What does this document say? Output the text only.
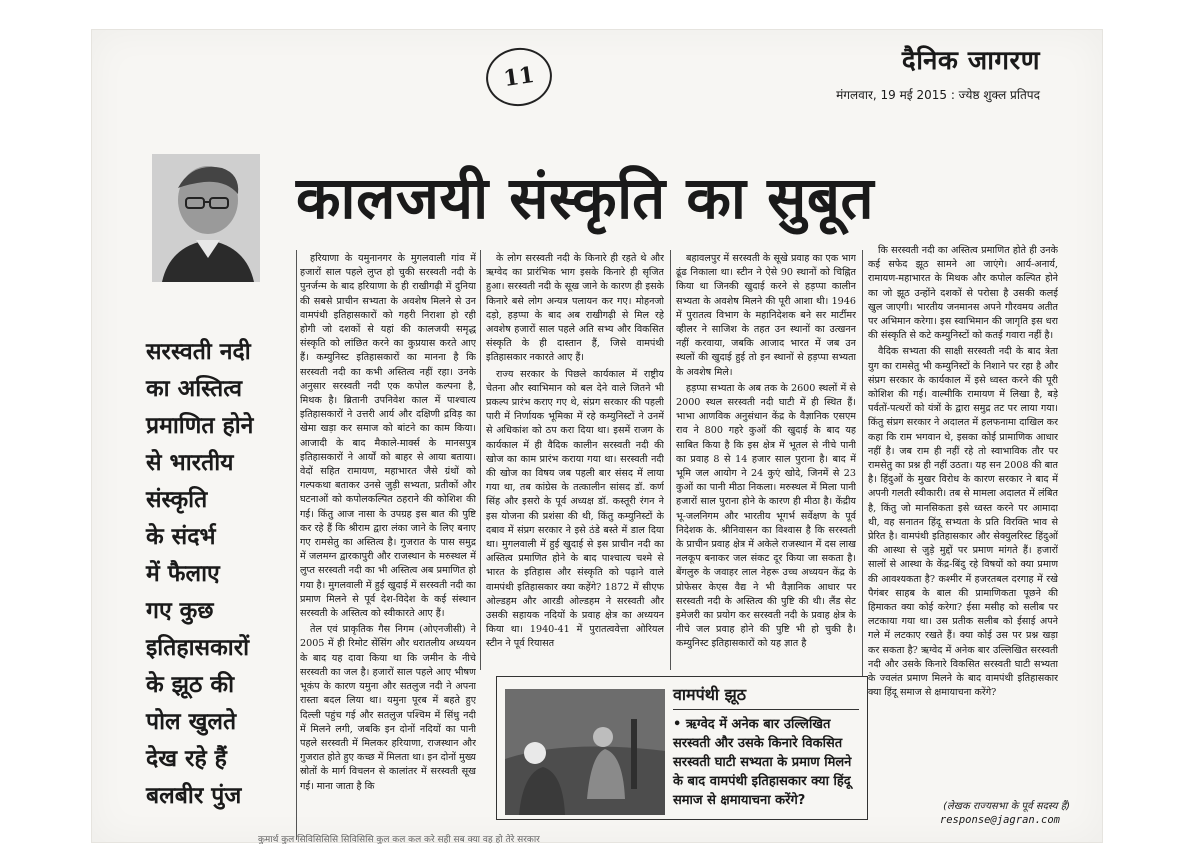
11
दैनिक जागरण
मंगलवार, 19 मई 2015 : ज्येष्ठ शुक्ल प्रतिपद
कालजयी संस्कृति का सुबूत
सरस्वती नदी
का अस्तित्व
प्रमाणित होने
से भारतीय
संस्कृति
के संदर्भ
में फैलाए
गए कुछ
इतिहासकारों
के झूठ की
पोल खुलते
देख रहे हैं
बलबीर पुंज

हरियाणा के यमुनानगर के मुगलवाली गांव में हजारों साल पहले लुप्त हो चुकी सरस्वती नदी के पुनर्जन्म के बाद हरियाणा के ही राखीगढ़ी में दुनिया की सबसे प्राचीन सभ्यता के अवशेष मिलने से उन वामपंथी इतिहासकारों को गहरी निराशा हो रही होगी जो दशकों से यहां की कालजयी समृद्ध संस्कृति को लांछित करने का कुप्रयास करते आए हैं। कम्युनिस्ट इतिहासकारों का मानना है कि सरस्वती नदी का कभी अस्तित्व नहीं रहा। उनके अनुसार सरस्वती नदी एक कपोल कल्पना है, मिथक है। ब्रितानी उपनिवेश काल में पाश्चात्य इतिहासकारों ने उत्तरी आर्य और दक्षिणी द्रविड़ का खेमा खड़ा कर समाज को बांटने का काम किया। आजादी के बाद मैकाले-मार्क्स के मानसपुत्र इतिहासकारों ने आर्यों को बाहर से आया बताया। वेदों सहित रामायण, महाभारत जैसे ग्रंथों को गल्पकथा बताकर उनसे जुड़ी सभ्यता, प्रतीकों और घटनाओं को कपोलकल्पित ठहराने की कोशिश की गई। किंतु आज नासा के उपग्रह इस बात की पुष्टि कर रहे हैं कि श्रीराम द्वारा लंका जाने के लिए बनाए गए रामसेतु का अस्तित्व है। गुजरात के पास समुद्र में जलमग्न द्वारकापुरी और राजस्थान के मरुस्थल में लुप्त सरस्वती नदी का भी अस्तित्व अब प्रमाणित हो गया है। मुगलवाली में हुई खुदाई में सरस्वती नदी का प्रमाण मिलने से पूर्व देश-विदेश के कई संस्थान सरस्वती के अस्तित्व को स्वीकारते आए हैं।

तेल एवं प्राकृतिक गैस निगम (ओएनजीसी) ने 2005 में ही रिमोट सेंसिंग और धरातलीय अध्ययन के बाद यह दावा किया था कि जमीन के नीचे सरस्वती का जल है। हजारों साल पहले आए भीषण भूकंप के कारण यमुना और सतलुज नदी ने अपना रास्ता बदल लिया था। यमुना पूरब में बहते हुए दिल्ली पहुंच गई और सतलुज पश्चिम में सिंधु नदी में मिलने लगी, जबकि इन दोनों नदियों का पानी पहले सरस्वती में मिलकर हरियाणा, राजस्थान और गुजरात होते हुए कच्छ में मिलता था। इन दोनों मुख्य स्रोतों के मार्ग विचलन से कालांतर में सरस्वती सूख गई। माना जाता है कि

के लोग सरस्वती नदी के किनारे ही रहते थे और ऋग्वेद का प्रारंभिक भाग इसके किनारे ही सृजित हुआ। सरस्वती नदी के सूख जाने के कारण ही इसके किनारे बसे लोग अन्यत्र पलायन कर गए। मोहनजो दड़ो, हड़प्पा के बाद अब राखीगढ़ी से मिल रहे अवशेष हजारों साल पहले अति सभ्य और विकसित संस्कृति के ही दास्तान हैं, जिसे वामपंथी इतिहासकार नकारते आए हैं।

राज्य सरकार के पिछले कार्यकाल में राष्ट्रीय चेतना और स्वाभिमान को बल देने वाले जितने भी प्रकल्प प्रारंभ कराए गए थे, संप्रग सरकार की पहली पारी में निर्णायक भूमिका में रहे कम्युनिस्टों ने उनमें से अधिकांश को ठप करा दिया था। इसमें राजग के कार्यकाल में ही वैदिक कालीन सरस्वती नदी की खोज का काम प्रारंभ कराया गया था। सरस्वती नदी की खोज का विषय जब पहली बार संसद में लाया गया था, तब कांग्रेस के तत्कालीन सांसद डॉ. कर्ण सिंह और इसरो के पूर्व अध्यक्ष डॉ. कस्तूरी रंगन ने इस योजना की प्रशंसा की थी, किंतु कम्युनिस्टों के दबाव में संप्रग सरकार ने इसे ठंडे बस्ते में डाल दिया था। मुगलवाली में हुई खुदाई से इस प्राचीन नदी का अस्तित्व प्रमाणित होने के बाद पाश्चात्य चश्मे से भारत के इतिहास और संस्कृति को पढ़ाने वाले वामपंथी इतिहासकार क्या कहेंगे? 1872 में सीएफ ओल्डहम और आरडी ओल्डहम ने सरस्वती और उसकी सहायक नदियों के प्रवाह क्षेत्र का अध्ययन किया था। 1940-41 में पुरातत्ववेत्ता ओरियल स्टीन ने पूर्व रियासत

बहावलपुर में सरस्वती के सूखे प्रवाह का एक भाग ढूंढ निकाला था। स्टीन ने ऐसे 90 स्थानों को चिह्नित किया था जिनकी खुदाई करने से हड़प्पा कालीन सभ्यता के अवशेष मिलने की पूरी आशा थी। 1946 में पुरातत्व विभाग के महानिदेशक बने सर मार्टीमर व्हीलर ने साजिश के तहत उन स्थानों का उत्खनन नहीं करवाया, जबकि आजाद भारत में जब उन स्थलों की खुदाई हुई तो इन स्थानों से हड़प्पा सभ्यता के अवशेष मिले।

हड़प्पा सभ्यता के अब तक के 2600 स्थलों में से 2000 स्थल सरस्वती नदी घाटी में ही स्थित हैं। भाभा आणविक अनुसंधान केंद्र के वैज्ञानिक एसएम राव ने 800 गहरे कुओं की खुदाई के बाद यह साबित किया है कि इस क्षेत्र में भूतल से नीचे पानी का प्रवाह 8 से 14 हजार साल पुराना है। बाद में भूमि जल आयोग ने 24 कुएं खोदे, जिनमें से 23 कुओं का पानी मीठा निकला। मरुस्थल में मिला पानी हजारों साल पुराना होने के कारण ही मीठा है। केंद्रीय भू-जलनिगम और भारतीय भूगर्भ सर्वेक्षण के पूर्व निदेशक के. श्रीनिवासन का विश्वास है कि सरस्वती के प्राचीन प्रवाह क्षेत्र में अकेले राजस्थान में दस लाख नलकूप बनाकर जल संकट दूर किया जा सकता है। बेंगलुरु के जवाहर लाल नेहरू उच्च अध्ययन केंद्र के प्रोफेसर केएस वैद्य ने भी वैज्ञानिक आधार पर सरस्वती नदी के अस्तित्व की पुष्टि की थी। लैंड सेट इमेजरी का प्रयोग कर सरस्वती नदी के प्रवाह क्षेत्र के नीचे जल प्रवाह होने की पुष्टि भी हो चुकी है। कम्युनिस्ट इतिहासकारों को यह ज्ञात है

कि सरस्वती नदी का अस्तित्व प्रमाणित होते ही उनके कई सफेद झूठ सामने आ जाएंगे। आर्य-अनार्य, रामायण-महाभारत के मिथक और कपोल कल्पित होने का जो झूठ उन्होंने दशकों से परोसा है उसकी कलई खुल जाएगी। भारतीय जनमानस अपने गौरवमय अतीत पर अभिमान करेगा। इस स्वाभिमान की जागृति इस धरा की संस्कृति से कटे कम्युनिस्टों को कतई गवारा नहीं है।

वैदिक सभ्यता की साक्षी सरस्वती नदी के बाद त्रेता युग का रामसेतु भी कम्युनिस्टों के निशाने पर रहा है और संप्रग सरकार के कार्यकाल में इसे ध्वस्त करने की पूरी कोशिश की गई। वाल्मीकि रामायण में लिखा है, बड़े पर्वतों-पत्थरों को यंत्रों के द्वारा समुद्र तट पर लाया गया। किंतु संप्रग सरकार ने अदालत में हलफनामा दाखिल कर कहा कि राम भगवान थे, इसका कोई प्रामाणिक आधार नहीं है। जब राम ही नहीं रहे तो स्वाभाविक तौर पर रामसेतु का प्रश्न ही नहीं उठता। यह सन 2008 की बात है। हिंदुओं के मुखर विरोध के कारण सरकार ने बाद में अपनी गलती स्वीकारी। तब से मामला अदालत में लंबित है, किंतु जो मानसिकता इसे ध्वस्त करने पर आमादा थी, वह सनातन हिंदू सभ्यता के प्रति विरक्ति भाव से प्रेरित है। वामपंथी इतिहासकार और सेक्युलरिस्ट हिंदुओं की आस्था से जुड़े मुद्दों पर प्रमाण मांगते हैं। हजारों सालों से आस्था के केंद्र-बिंदु रहे विषयों को क्या प्रमाण की आवश्यकता है? कश्मीर में हजरतबल दरगाह में रखे पैगंबर साहब के बाल की प्रामाणिकता पूछने की हिमाकत क्या कोई करेगा? ईसा मसीह को सलीब पर लटकाया गया था। उस प्रतीक सलीब को ईसाई अपने गले में लटकाए रखते हैं। क्या कोई उस पर प्रश्न खड़ा कर सकता है? ऋग्वेद में अनेक बार उल्लिखित सरस्वती नदी और उसके किनारे विकसित सरस्वती घाटी सभ्यता के ज्वलंत प्रमाण मिलने के बाद वामपंथी इतिहासकार क्या हिंदू समाज से क्षमायाचना करेंगे?

वामपंथी झूठ
• ऋग्वेद में अनेक बार उल्लिखित सरस्वती और उसके किनारे विकसित सरस्वती घाटी सभ्यता के प्रमाण मिलने के बाद वामपंथी इतिहासकार क्या हिंदू समाज से क्षमायाचना करेंगे?	(लेखक राज्यसभा के पूर्व सदस्य हैं)
response@jagran.com
कुमार्थ कुल सिविसिसिसि सिविसिसि कुल कल कल करे सही सब क्या वह हो तेरे सरकार
